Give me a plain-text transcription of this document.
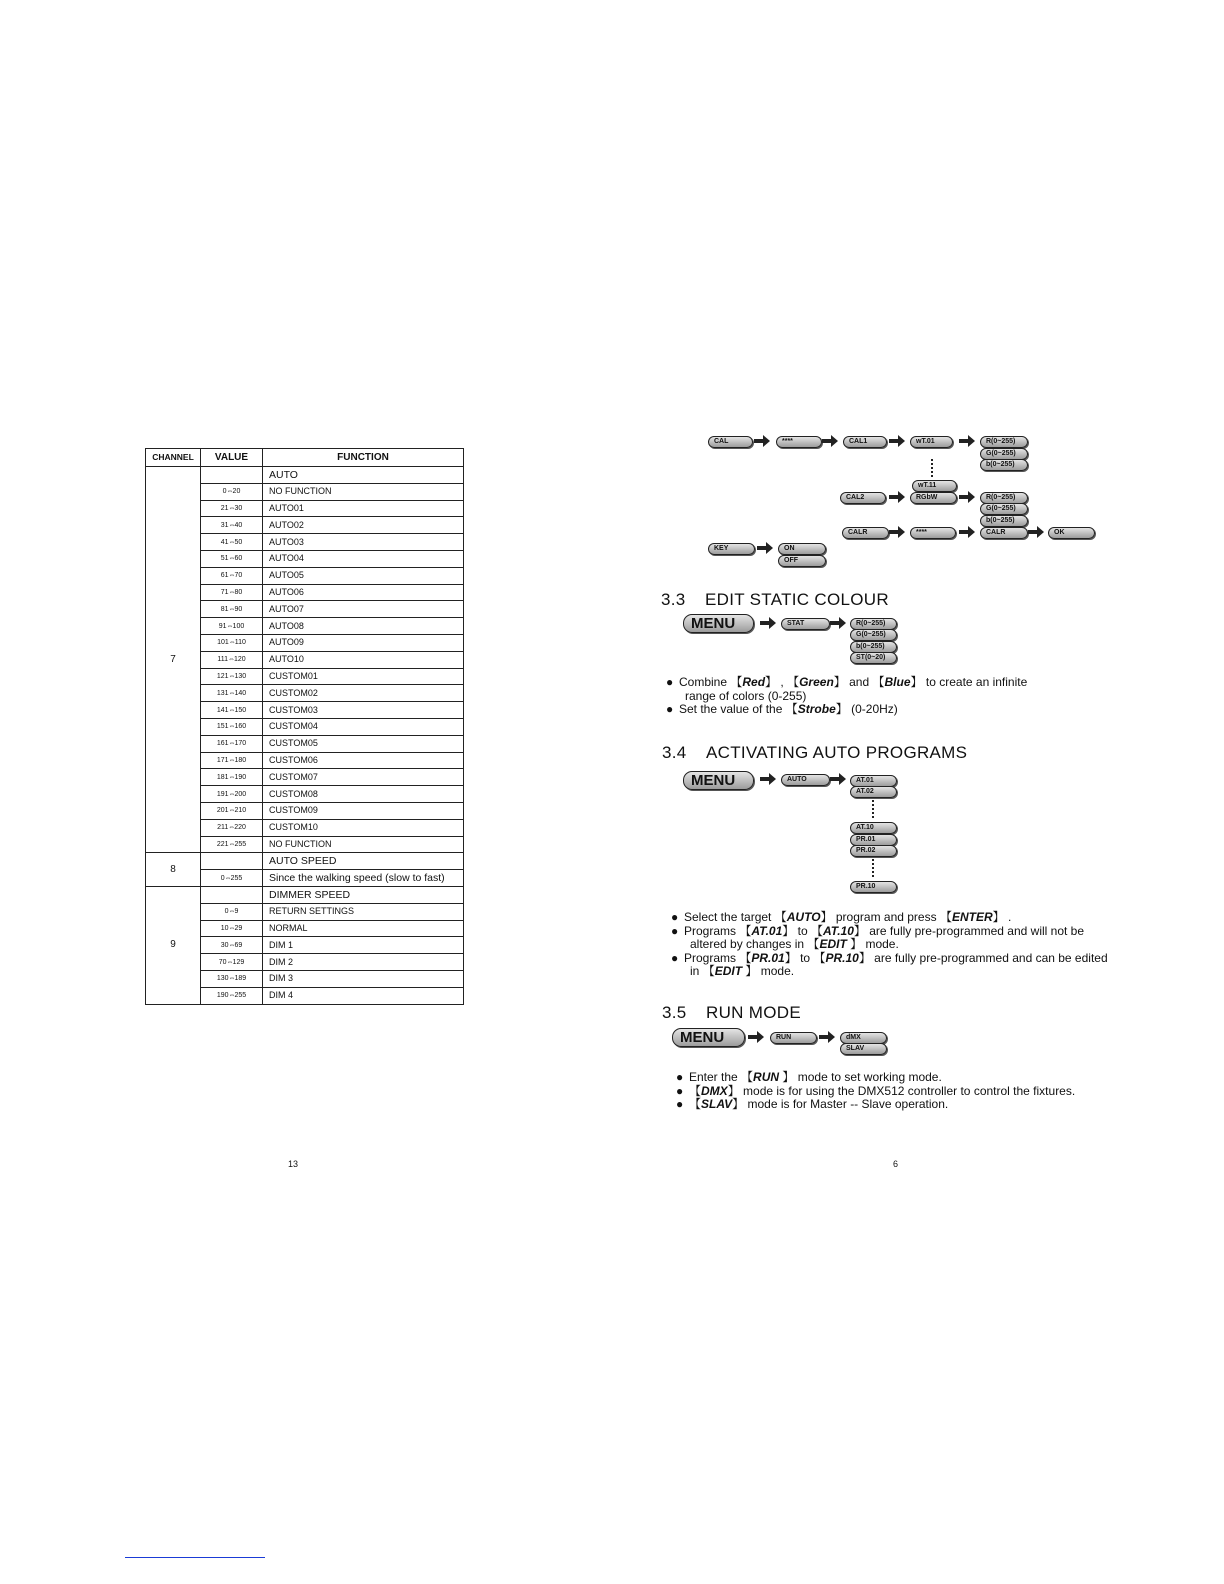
CHANNEL	VALUE	FUNCTION
7		AUTO
	0⇔20	NO FUNCTION
	21⇔30	AUTO01
	31⇔40	AUTO02
	41⇔50	AUTO03
	51⇔60	AUTO04
	61⇔70	AUTO05
	71⇔80	AUTO06
	81⇔90	AUTO07
	91⇔100	AUTO08
	101⇔110	AUTO09
	111⇔120	AUTO10
	121⇔130	CUSTOM01
	131⇔140	CUSTOM02
	141⇔150	CUSTOM03
	151⇔160	CUSTOM04
	161⇔170	CUSTOM05
	171⇔180	CUSTOM06
	181⇔190	CUSTOM07
	191⇔200	CUSTOM08
	201⇔210	CUSTOM09
	211⇔220	CUSTOM10
	221⇔255	NO FUNCTION
8		AUTO SPEED
	0⇔255	Since the walking speed (slow to fast)
9		DIMMER SPEED
	0⇔9	RETURN SETTINGS
	10⇔29	NORMAL
	30⇔69	DIM 1
	70⇔129	DIM 2
	130⇔189	DIM 3
	190⇔255	DIM 4
13
CAL	****	CAL1	wT.01	R(0~255)
G(0~255)
b(0~255)
wT.11
CAL2	RGbW	R(0~255)
G(0~255)
b(0~255)
CALR	****	CALR	OK
KEY	ON
OFF
3.3 EDIT STATIC COLOUR
MENU	STAT	R(0~255)
G(0~255)
b(0~255)
ST(0~20)

● Combine 【Red】 , 【Green】 and 【Blue】 to create an infinite

range of colors (0-255)

● Set the value of the 【Strobe】 (0-20Hz)

3.4 ACTIVATING AUTO PROGRAMS
MENU	AUTO	AT.01
AT.02
AT.10
PR.01
PR.02
PR.10

● Select the target 【AUTO】 program and press 【ENTER】 .

● Programs 【AT.01】 to 【AT.10】 are fully pre-programmed and will not be

altered by changes in 【EDIT 】 mode.

● Programs 【PR.01】 to 【PR.10】 are fully pre-programmed and can be edited

in 【EDIT 】 mode.

3.5 RUN MODE
MENU	RUN	dMX
SLAV

● Enter the 【RUN 】 mode to set working mode.

● 【DMX】 mode is for using the DMX512 controller to control the fixtures.

● 【SLAV】 mode is for Master -- Slave operation.

6
